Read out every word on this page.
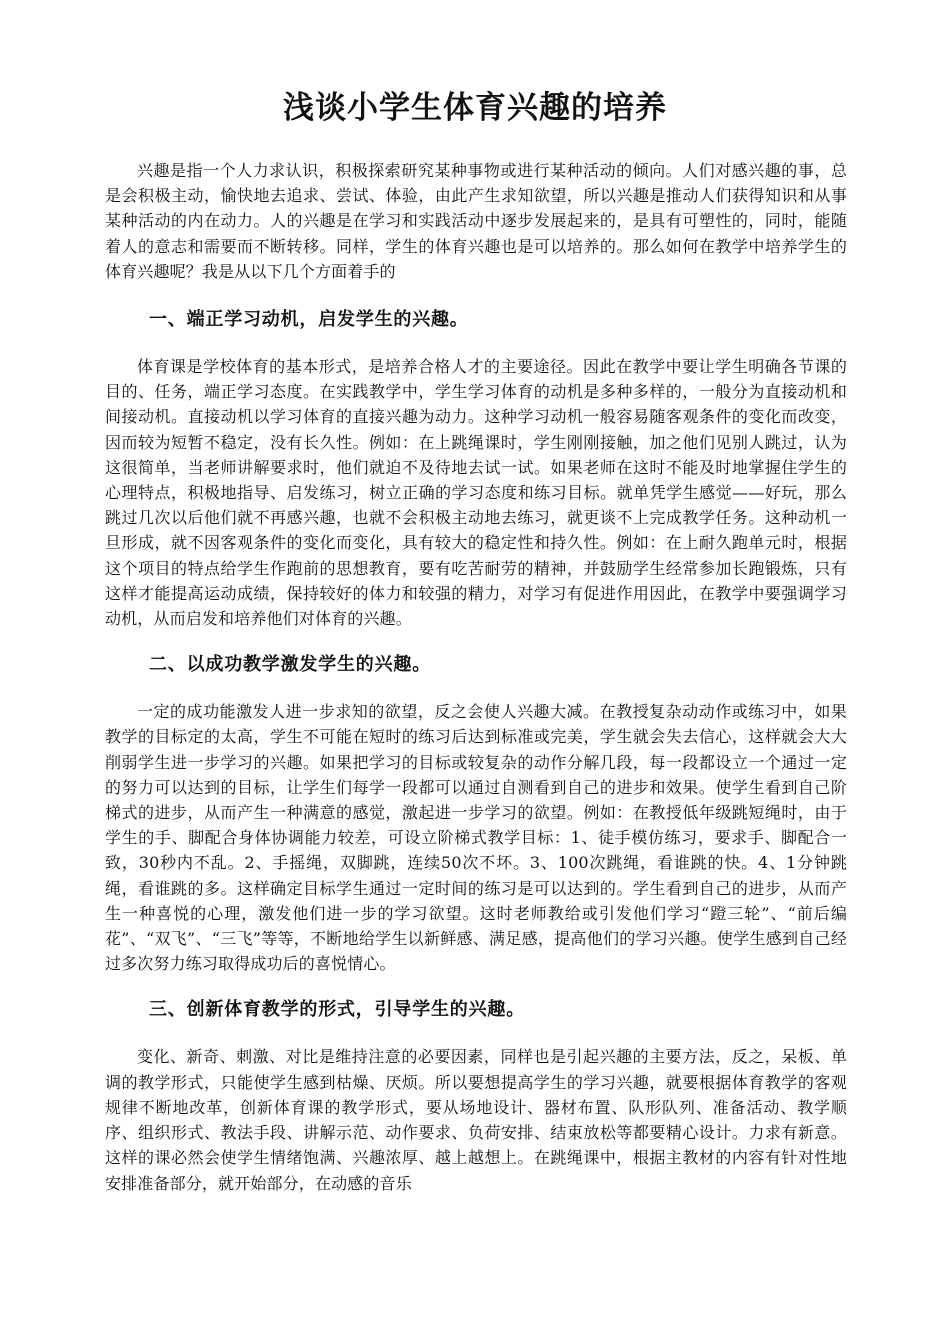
浅谈小学生体育兴趣的培养

兴趣是指一个人力求认识，积极探索研究某种事物或进行某种活动的倾向。人们对感兴趣的事，总是会积极主动，愉快地去追求、尝试、体验，由此产生求知欲望，所以兴趣是推动人们获得知识和从事某种活动的内在动力。人的兴趣是在学习和实践活动中逐步发展起来的，是具有可塑性的，同时，能随着人的意志和需要而不断转移。同样，学生的体育兴趣也是可以培养的。那么如何在教学中培养学生的体育兴趣呢？我是从以下几个方面着手的

一、端正学习动机，启发学生的兴趣。

体育课是学校体育的基本形式，是培养合格人才的主要途径。因此在教学中要让学生明确各节课的目的、任务，端正学习态度。在实践教学中，学生学习体育的动机是多种多样的，一般分为直接动机和间接动机。直接动机以学习体育的直接兴趣为动力。这种学习动机一般容易随客观条件的变化而改变，因而较为短暂不稳定，没有长久性。例如：在上跳绳课时，学生刚刚接触，加之他们见别人跳过，认为这很简单，当老师讲解要求时，他们就迫不及待地去试一试。如果老师在这时不能及时地掌握住学生的心理特点，积极地指导、启发练习，树立正确的学习态度和练习目标。就单凭学生感觉——好玩，那么跳过几次以后他们就不再感兴趣，也就不会积极主动地去练习，就更谈不上完成教学任务。这种动机一旦形成，就不因客观条件的变化而变化，具有较大的稳定性和持久性。例如：在上耐久跑单元时，根据这个项目的特点给学生作跑前的思想教育，要有吃苦耐劳的精神，并鼓励学生经常参加长跑锻炼，只有这样才能提高运动成绩，保持较好的体力和较强的精力，对学习有促进作用因此，在教学中要强调学习动机，从而启发和培养他们对体育的兴趣。

二、以成功教学激发学生的兴趣。

一定的成功能激发人进一步求知的欲望，反之会使人兴趣大减。在教授复杂动动作或练习中，如果教学的目标定的太高，学生不可能在短时的练习后达到标准或完美，学生就会失去信心，这样就会大大削弱学生进一步学习的兴趣。如果把学习的目标或较复杂的动作分解几段，每一段都设立一个通过一定的努力可以达到的目标，让学生们每学一段都可以通过自测看到自己的进步和效果。使学生看到自己阶梯式的进步，从而产生一种满意的感觉，激起进一步学习的欲望。例如：在教授低年级跳短绳时，由于学生的手、脚配合身体协调能力较差，可设立阶梯式教学目标：1、徒手模仿练习，要求手、脚配合一致，30秒内不乱。2、手摇绳，双脚跳，连续50次不坏。3、100次跳绳，看谁跳的快。4、1分钟跳绳，看谁跳的多。这样确定目标学生通过一定时间的练习是可以达到的。学生看到自己的进步，从而产生一种喜悦的心理，激发他们进一步的学习欲望。这时老师教给或引发他们学习“蹬三轮”、“前后编花”、“双飞”、“三飞”等等，不断地给学生以新鲜感、满足感，提高他们的学习兴趣。使学生感到自己经过多次努力练习取得成功后的喜悦情心。

三、创新体育教学的形式，引导学生的兴趣。

变化、新奇、刺激、对比是维持注意的必要因素，同样也是引起兴趣的主要方法，反之，呆板、单调的教学形式，只能使学生感到枯燥、厌烦。所以要想提高学生的学习兴趣，就要根据体育教学的客观规律不断地改革，创新体育课的教学形式，要从场地设计、器材布置、队形队列、准备活动、教学顺序、组织形式、教法手段、讲解示范、动作要求、负荷安排、结束放松等都要精心设计。力求有新意。这样的课必然会使学生情绪饱满、兴趣浓厚、越上越想上。在跳绳课中，根据主教材的内容有针对性地安排准备部分，就开始部分，在动感的音乐
